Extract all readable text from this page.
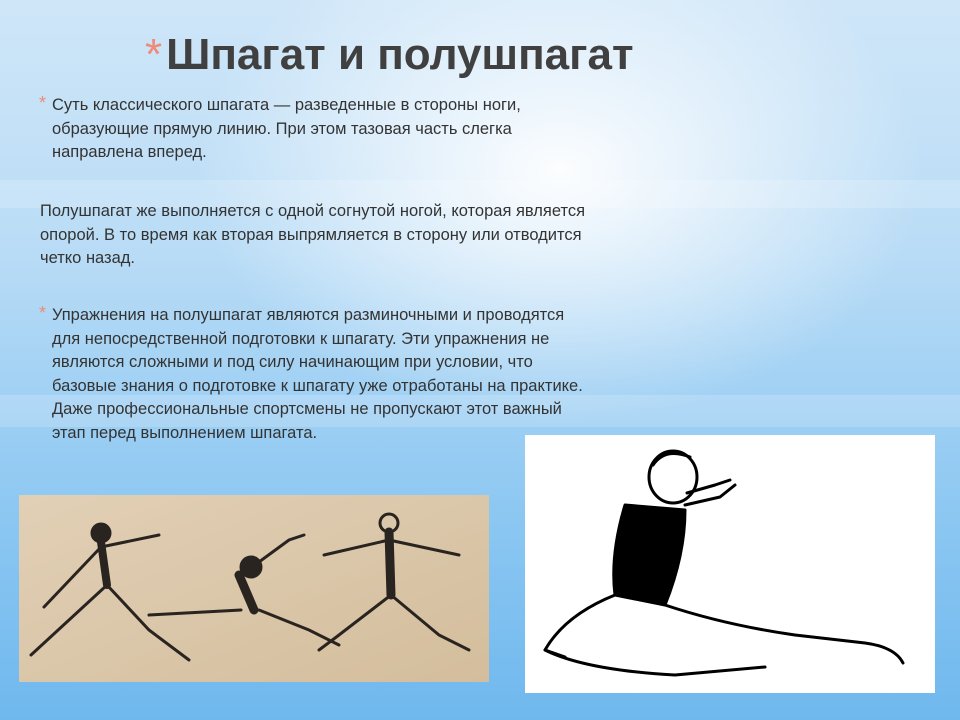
*Шпагат и полушпагат
* Суть классического шпагата — разведенные в стороны ноги,
образующие прямую линию. При этом тазовая часть слегка
направлена вперед.
Полушпагат же выполняется с одной согнутой ногой, которая является
опорой. В то время как вторая выпрямляется в сторону или отводится
четко назад.
* Упражнения на полушпагат являются разминочными и проводятся
для непосредственной подготовки к шпагату. Эти упражнения не
являются сложными и под силу начинающим при условии, что
базовые знания о подготовке к шпагату уже отработаны на практике.
Даже профессиональные спортсмены не пропускают этот важный
этап перед выполнением шпагата.
